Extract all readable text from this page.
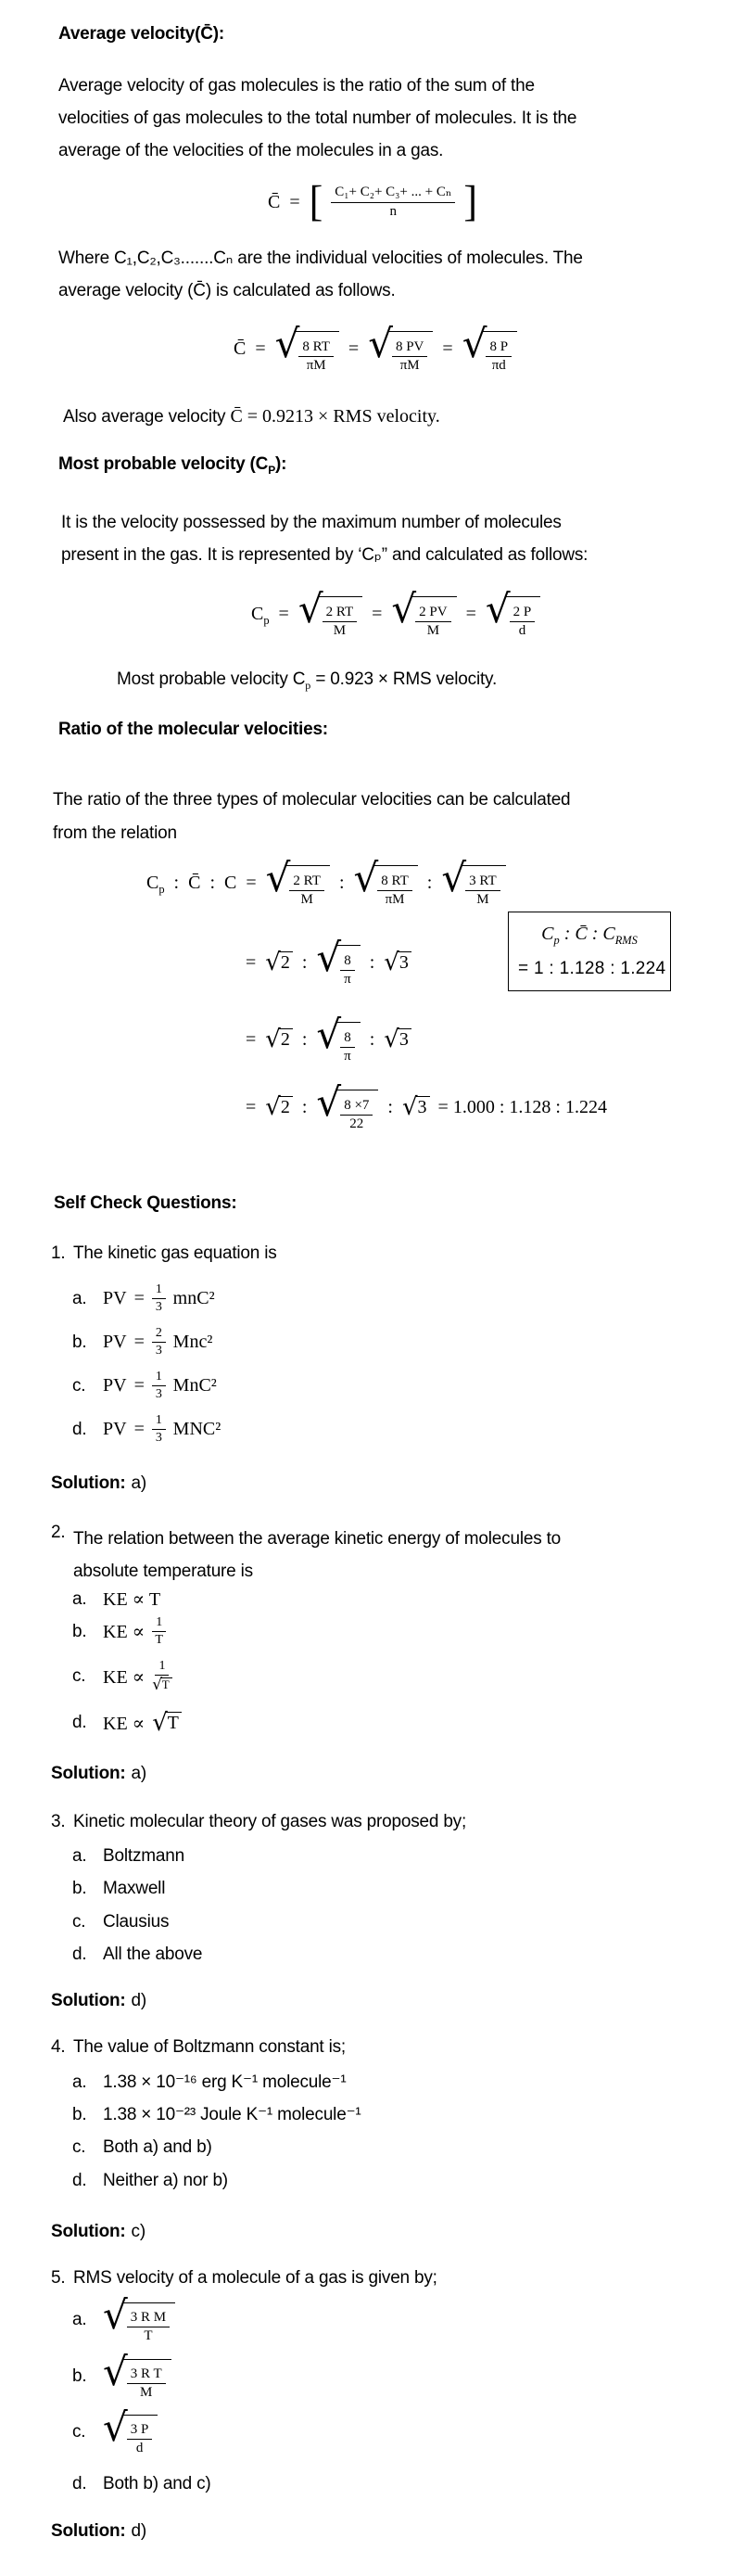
Average velocity(C̄):
Average velocity of gas molecules is the ratio of the sum of the
velocities of gas molecules to the total number of molecules. It is the
average of the velocities of the molecules in a gas.
C̄ = [ $\frac{\text{C₁+ C₂+ C₃+ ... + Cₙ}}{n}$ ]
Where C₁,C₂,C₃.......Cₙ are the individual velocities of molecules. The
average velocity (C̄) is calculated as follows.
C̄ = √ $\frac{8 RT}{\pi M}$ = √ $\frac{8 PV}{\pi M}$ = √ $\frac{8 P}{\pi d}$
Also average velocity C̄ = 0.9213 × RMS velocity.
Most probable velocity $(C_P)$:
It is the velocity possessed by the maximum number of molecules
present in the gas. It is represented by ‘Cₚ” and calculated as follows:
$C_p$ = √ $\frac{2 RT}{M}$ = √ $\frac{2 PV}{M}$ = √ $\frac{2 P}{d}$
Most probable velocity $C_p = 0.923$ × RMS velocity.
Ratio of the molecular velocities:
The ratio of the three types of molecular velocities can be calculated
from the relation
$C_p$ : C̄ : C = √ $\frac{2 RT}{M}$ : √ $\frac{8 RT}{\pi M}$ : √ $\frac{3 RT}{M}$
$C_p$ : C̄ : $C_{RMS}$
= 1 : 1.128 : 1.224
= √ 2 : √ $\frac{8}{\pi}$ : √ 3
= √ 2 : √ $\frac{8}{\pi}$ : √ 3
= √ 2 : √ $\frac{8 \times 7}{22}$ : √ 3 = 1.000 : 1.128 : 1.224
Self Check Questions:
1. The kinetic gas equation is
a. PV = $\frac{1}{3} mnC^2$
b. PV = $\frac{2}{3} Mnc^2$
c. PV = $\frac{1}{3} MnC^2$
d. PV = $\frac{1}{3} MNC^2$
Solution: a)
2. The relation between the average kinetic energy of molecules to
absolute temperature is
a. KE ∝ T
b. KE ∝ $\frac{1}{T}$
c. KE ∝ $\frac{1}{√ T}$
d. KE ∝ √ T
Solution: a)
3. Kinetic molecular theory of gases was proposed by;
a. Boltzmann
b. Maxwell
c. Clausius
d. All the above
Solution: d)
4. The value of Boltzmann constant is;
a. 1.38 × 10⁻¹⁶ erg K⁻¹ molecule⁻¹
b. 1.38 × 10⁻²³ Joule K⁻¹ molecule⁻¹
c. Both a) and b)
d. Neither a) nor b)
Solution: c)
5. RMS velocity of a molecule of a gas is given by;
a. √ $\frac{\text{3 R M}}{T}$
b. √ $\frac{\text{3 R T}}{M}$
c. √ $\frac{3 P}{d}$
d. Both b) and c)
Solution: d)
